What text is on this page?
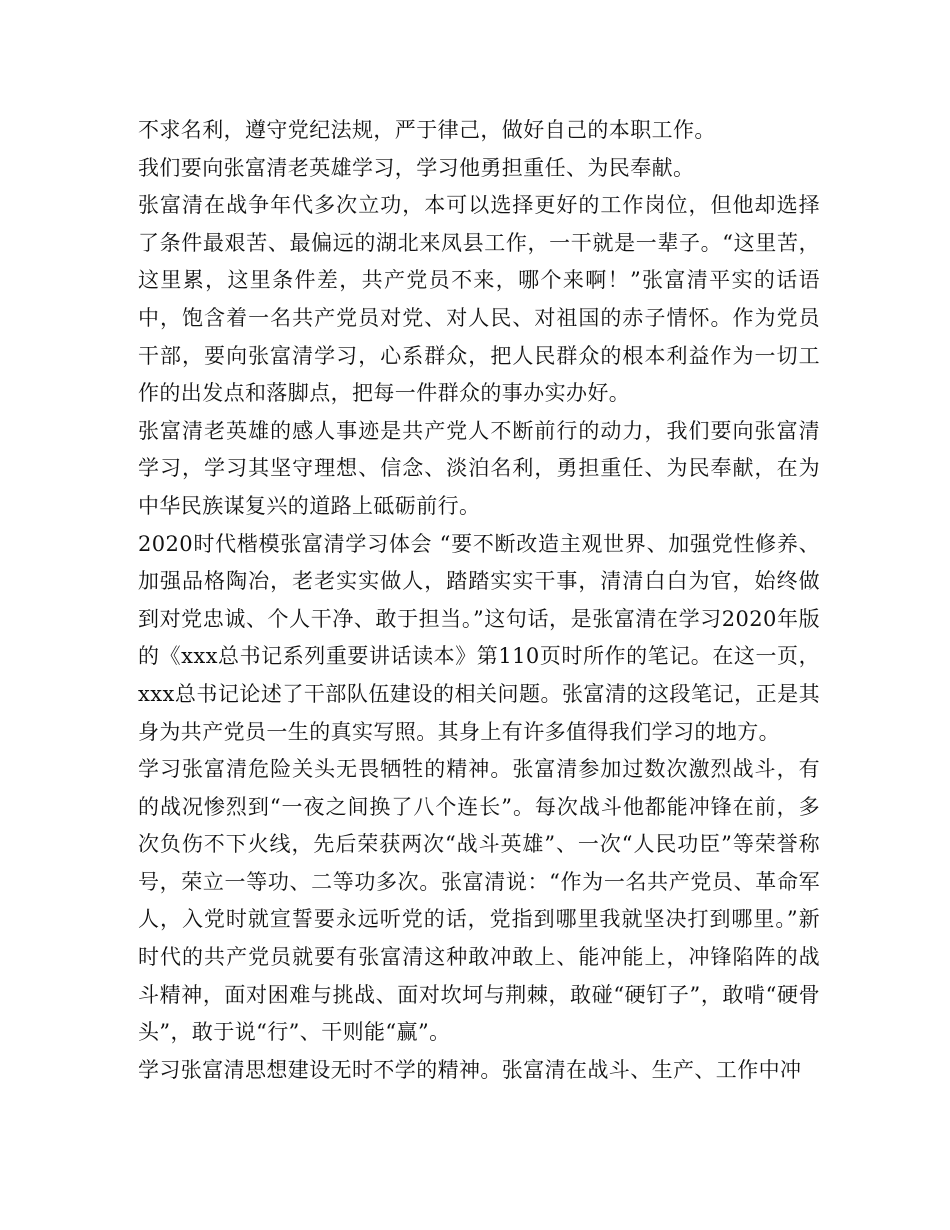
不求名利，遵守党纪法规，严于律己，做好自己的本职工作。

我们要向张富清老英雄学习，学习他勇担重任、为民奉献。

张富清在战争年代多次立功，本可以选择更好的工作岗位，但他却选择了条件最艰苦、最偏远的湖北来凤县工作，一干就是一辈子。“这里苦，这里累，这里条件差，共产党员不来，哪个来啊！”张富清平实的话语中，饱含着一名共产党员对党、对人民、对祖国的赤子情怀。作为党员干部，要向张富清学习，心系群众，把人民群众的根本利益作为一切工作的出发点和落脚点，把每一件群众的事办实办好。

张富清老英雄的感人事迹是共产党人不断前行的动力，我们要向张富清学习，学习其坚守理想、信念、淡泊名利，勇担重任、为民奉献，在为中华民族谋复兴的道路上砥砺前行。

2020时代楷模张富清学习体会 “要不断改造主观世界、加强党性修养、加强品格陶冶，老老实实做人，踏踏实实干事，清清白白为官，始终做到对党忠诚、个人干净、敢于担当。”这句话，是张富清在学习2020年版的《xxx总书记系列重要讲话读本》第110页时所作的笔记。在这一页，xxx总书记论述了干部队伍建设的相关问题。张富清的这段笔记，正是其身为共产党员一生的真实写照。其身上有许多值得我们学习的地方。

学习张富清危险关头无畏牺牲的精神。张富清参加过数次激烈战斗，有的战况惨烈到“一夜之间换了八个连长”。每次战斗他都能冲锋在前，多次负伤不下火线，先后荣获两次“战斗英雄”、一次“人民功臣”等荣誉称号，荣立一等功、二等功多次。张富清说：“作为一名共产党员、革命军人，入党时就宣誓要永远听党的话，党指到哪里我就坚决打到哪里。”新时代的共产党员就要有张富清这种敢冲敢上、能冲能上，冲锋陷阵的战斗精神，面对困难与挑战、面对坎坷与荆棘，敢碰“硬钉子”，敢啃“硬骨头”，敢于说“行”、干则能“赢”。

学习张富清思想建设无时不学的精神。张富清在战斗、生产、工作中冲
